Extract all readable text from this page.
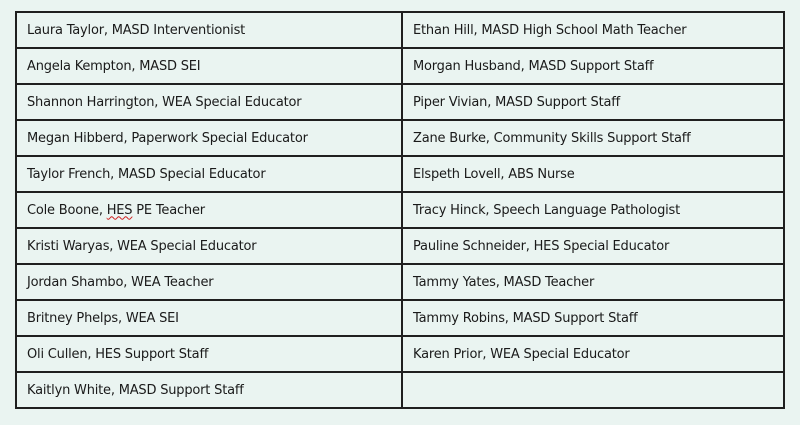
Laura Taylor, MASD Interventionist	Ethan Hill, MASD High School Math Teacher
Angela Kempton, MASD SEI	Morgan Husband, MASD Support Staff
Shannon Harrington, WEA Special Educator	Piper Vivian, MASD Support Staff
Megan Hibberd, Paperwork Special Educator	Zane Burke, Community Skills Support Staff
Taylor French, MASD Special Educator	Elspeth Lovell, ABS Nurse
Cole Boone, HES PE Teacher	Tracy Hinck, Speech Language Pathologist
Kristi Waryas, WEA Special Educator	Pauline Schneider, HES Special Educator
Jordan Shambo, WEA Teacher	Tammy Yates, MASD Teacher
Britney Phelps, WEA SEI	Tammy Robins, MASD Support Staff
Oli Cullen, HES Support Staff	Karen Prior, WEA Special Educator
Kaitlyn White, MASD Support Staff	
